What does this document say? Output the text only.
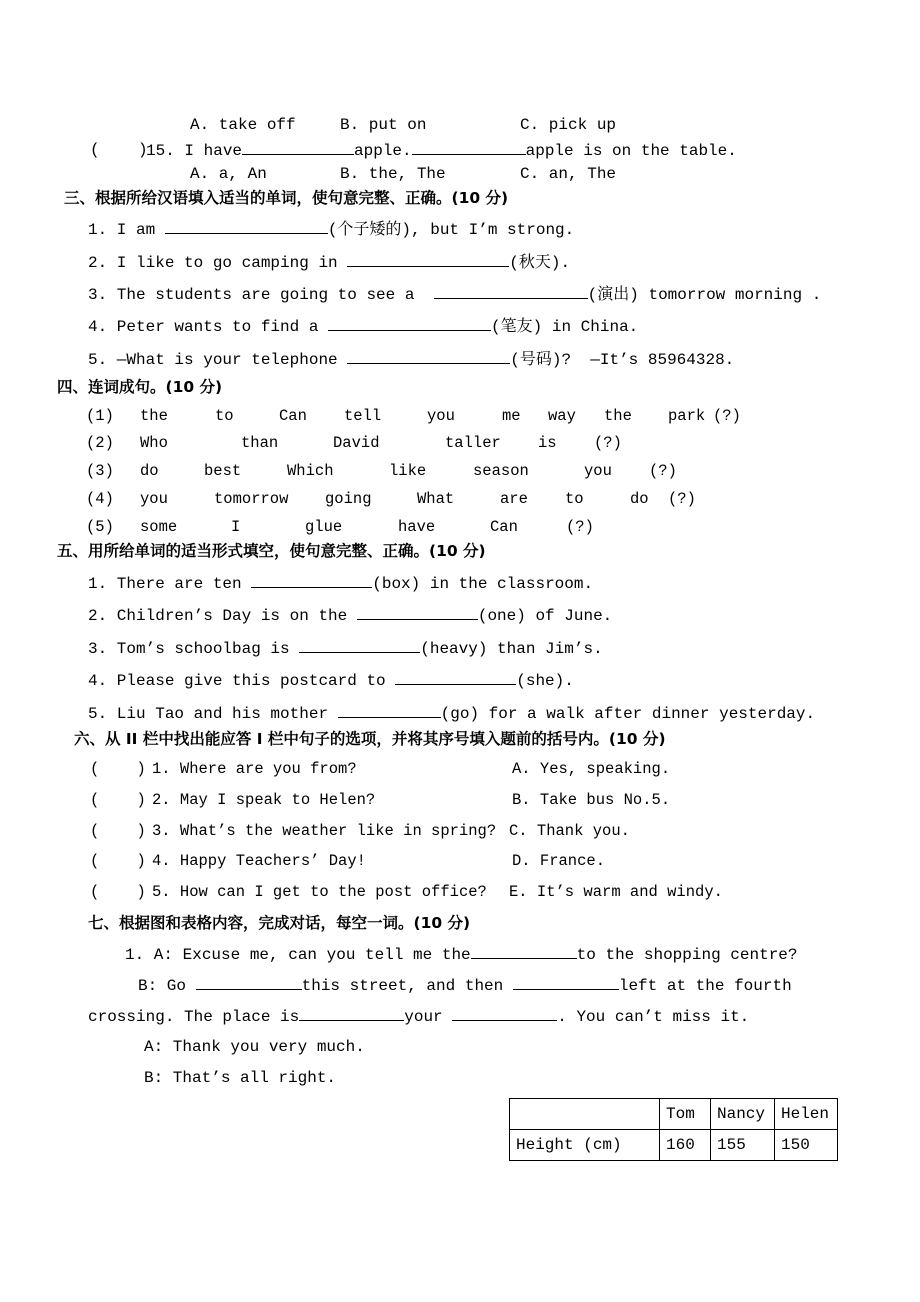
A. take off	B. put on	C. pick up
(    )
15. I have	apple.	apple is on the table.
A. a, An	B. the, The	C. an, The
三、根据所给汉语填入适当的单词，使句意完整、正确。(10 分)
1. I am	(个子矮的), but I’m strong.
2. I like to go camping in	(秋天).
3. The students are going to see a	(演出) tomorrow morning .
4. Peter wants to find a	(笔友) in China.
5. —What is your telephone	(号码)?  —It’s 85964328.
四、连词成句。(10 分)
(1) the	to	Can tell	you	me way the park (?)
(2) Who	than	David	taller is (?)
(3) do	best	Which	like	season	you (?)
(4) you	tomorrow going	What	are to	do (?)
(5) some	I	glue	have	Can	(?)
五、用所给单词的适当形式填空，使句意完整、正确。(10 分)
1. There are ten	(box) in the classroom.
2. Children’s Day is on the	(one) of June.
3. Tom’s schoolbag is	(heavy) than Jim’s.
4. Please give this postcard to	(she).
5. Liu Tao and his mother	(go) for a walk after dinner yesterday.
六、从 II 栏中找出能应答 I 栏中句子的选项，并将其序号填入题前的括号内。(10 分)
(    ) 1. Where are you from?	A. Yes, speaking.
(    ) 2. May I speak to Helen?	B. Take bus No.5.
(    ) 3. What’s the weather like in spring? C. Thank you.
(    ) 4. Happy Teachers’ Day!	D. France.
(    ) 5. How can I get to the post office? E. It’s warm and windy.
七、根据图和表格内容，完成对话，每空一词。(10 分)
1. A: Excuse me, can you tell me the	to the shopping centre?
B: Go	this street, and then	left at the fourth
crossing. The place is	your	. You can’t miss it.
A: Thank you very much.
B: That’s all right.
	Tom	Nancy	Helen
Height (cm)	160	155	150
